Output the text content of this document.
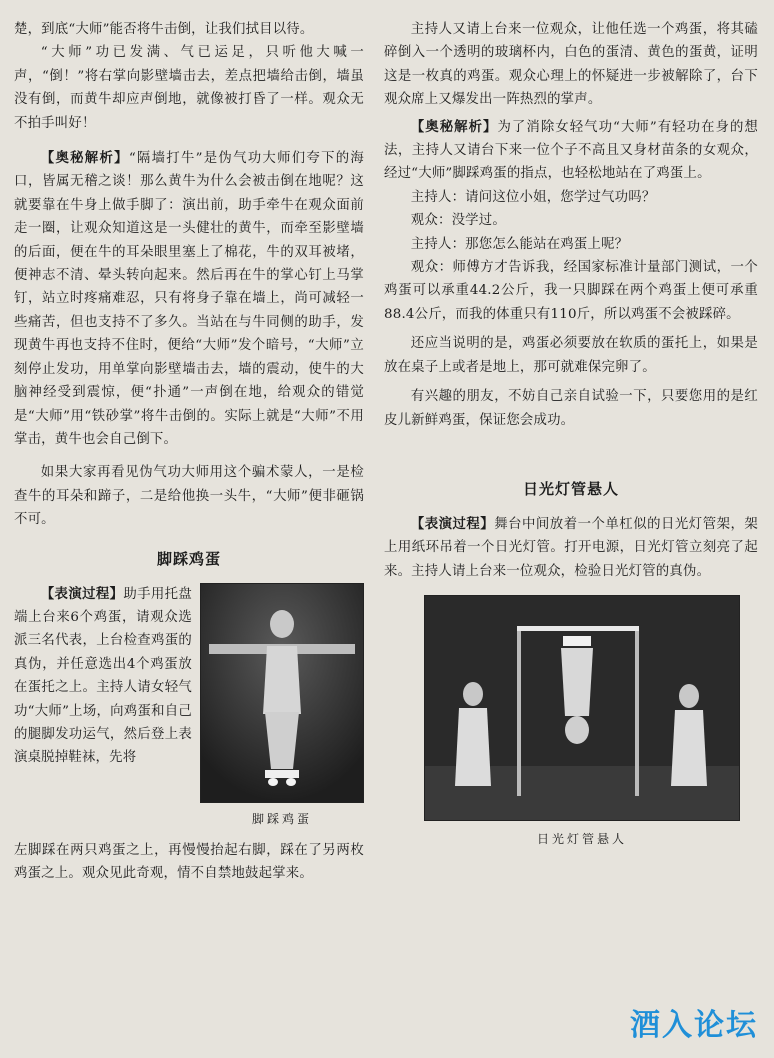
楚，到底“大师”能否将牛击倒，让我们拭目以待。

“大师”功已发满、气已运足，只听他大喊一声，“倒！”将右掌向影壁墙击去，差点把墙给击倒，墙虽没有倒，而黄牛却应声倒地，就像被打昏了一样。观众无不拍手叫好！

【奥秘解析】“隔墙打牛”是伪气功大师们夸下的海口，皆属无稽之谈！那么黄牛为什么会被击倒在地呢？这就要靠在牛身上做手脚了：演出前，助手牵牛在观众面前走一圈，让观众知道这是一头健壮的黄牛，而牵至影壁墙的后面，便在牛的耳朵眼里塞上了棉花，牛的双耳被堵，便神志不清、晕头转向起来。然后再在牛的掌心钉上马掌钉，站立时疼痛难忍，只有将身子靠在墙上，尚可减轻一些痛苦，但也支持不了多久。当站在与牛同侧的助手，发现黄牛再也支持不住时，便给“大师”发个暗号，“大师”立刻停止发功，用单掌向影壁墙击去，墙的震动，使牛的大脑神经受到震惊，便“扑通”一声倒在地，给观众的错觉是“大师”用“铁砂掌”将牛击倒的。实际上就是“大师”不用掌击，黄牛也会自己倒下。

如果大家再看见伪气功大师用这个骗术蒙人，一是检查牛的耳朵和蹄子，二是给他换一头牛，“大师”便非砸锅不可。

脚踩鸡蛋

【表演过程】助手用托盘端上台来6个鸡蛋，请观众选派三名代表，上台检查鸡蛋的真伪，并任意选出4个鸡蛋放在蛋托之上。主持人请女轻气功“大师”上场，向鸡蛋和自己的腿脚发功运气，然后登上表演桌脱掉鞋袜，先将

脚踩鸡蛋

左脚踩在两只鸡蛋之上，再慢慢抬起右脚，踩在了另两枚鸡蛋之上。观众见此奇观，情不自禁地鼓起掌来。

主持人又请上台来一位观众，让他任选一个鸡蛋，将其磕碎倒入一个透明的玻璃杯内，白色的蛋清、黄色的蛋黄，证明这是一枚真的鸡蛋。观众心理上的怀疑进一步被解除了，台下观众席上又爆发出一阵热烈的掌声。

【奥秘解析】为了消除女轻气功“大师”有轻功在身的想法，主持人又请台下来一位个子不高且又身材苗条的女观众，经过“大师”脚踩鸡蛋的指点，也轻松地站在了鸡蛋上。

主持人：请问这位小姐，您学过气功吗？

观众：没学过。

主持人：那您怎么能站在鸡蛋上呢？

观众：师傅方才告诉我，经国家标准计量部门测试，一个鸡蛋可以承重44.2公斤，我一只脚踩在两个鸡蛋上便可承重88.4公斤，而我的体重只有110斤，所以鸡蛋不会被踩碎。

还应当说明的是，鸡蛋必须要放在软质的蛋托上，如果是放在桌子上或者是地上，那可就难保完卵了。

有兴趣的朋友，不妨自己亲自试验一下，只要您用的是红皮儿新鲜鸡蛋，保证您会成功。

日光灯管悬人

【表演过程】舞台中间放着一个单杠似的日光灯管架，架上用纸环吊着一个日光灯管。打开电源，日光灯管立刻亮了起来。主持人请上台来一位观众，检验日光灯管的真伪。

日光灯管悬人
酒入论坛
